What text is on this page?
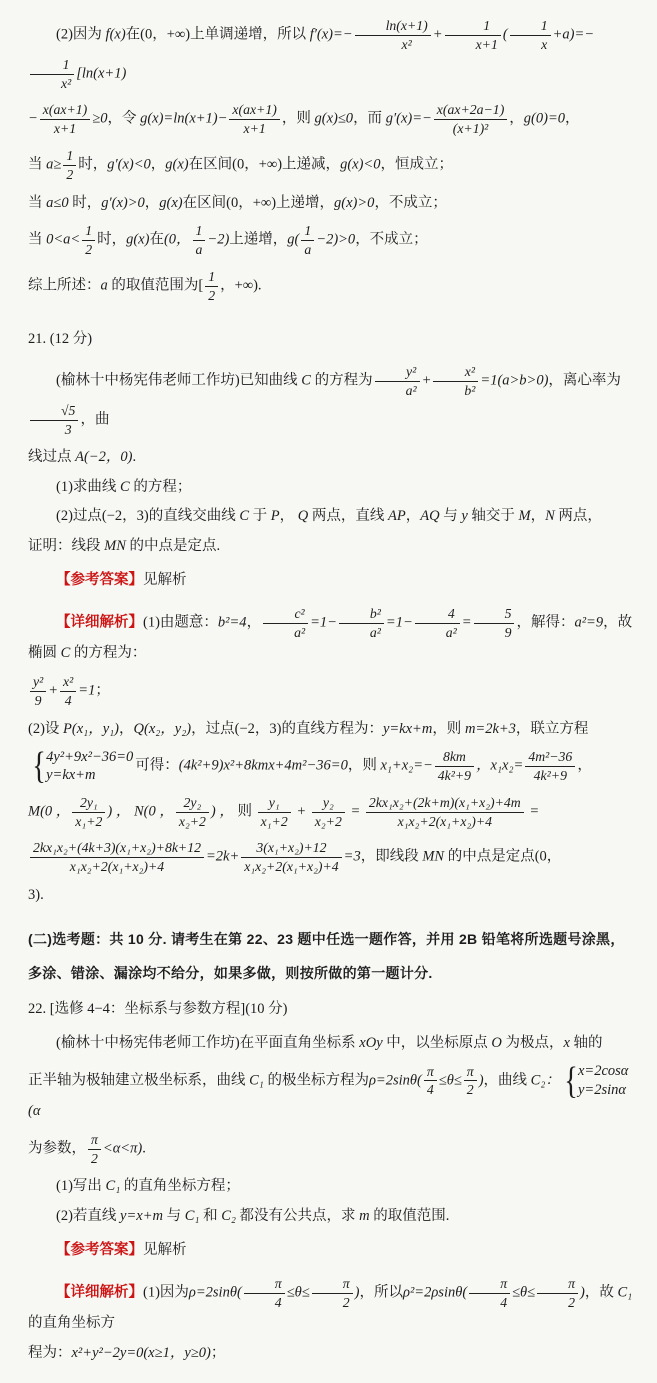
(2)因为 f(x)在(0，+∞)上单调递增，所以 $f'(x)=- \frac{\ln(x+1)}{\text{x²}} + \frac{1}{x+1}$ ( $\frac{1}{x} +a)=-$
$\frac{1}{\text{x²}} [\ln(x+1)$
− $\frac{x(ax+1)}{x+1} \ge 0$，令 $g(x)=\ln(x+1)- \frac{x(ax+1)}{x+1}$ ，则 g(x)≤0，而 $g'(x)=- \frac{x(ax+2a-1)}{\text{(x+1)²}}$ ，g(0)=0，
当 $a\ge \frac{1}{2}$ 时，g′(x)<0，g(x)在区间(0，+∞)上递减，g(x)<0，恒成立；
当 a≤0 时，g′(x)>0，g(x)在区间(0，+∞)上递增，g(x)>0，不成立；
当 $0<a< \frac{1}{2}$ 时，g(x)在(0， $\frac{1}{a} -2$)上递增，$g( \frac{1}{a} -2)>0$，不成立；
综上所述：a 的取值范围为[ $\frac{1}{2}$ ，+∞).
21. (12 分)
(榆林十中杨宪伟老师工作坊)已知曲线 C 的方程为 $\frac{\text{y²}}{\text{a²}} + \frac{\text{x²}}{\text{b²}} =1(a>b>0)$，离心率为
$\frac{√5}{3}$ ，曲
线过点 A(−2，0).
(1)求曲线 C 的方程；
(2)过点(−2，3)的直线交曲线 C 于 P， Q 两点，直线 AP，AQ 与 y 轴交于 M，N 两点，
证明：线段 MN 的中点是定点.
【参考答案】见解析
【详细解析】(1)由题意：b²=4， $\frac{\text{c²}}{\text{a²}} =1- \frac{\text{b²}}{\text{a²}} =1- \frac{4}{\text{a²}} = \frac{5}{9}$ ，解得：a²=9，故椭圆 C 的方程为：
$\frac{\text{y²}}{9} + \frac{\text{x²}}{4} =1$；
(2)设 P(x₁，y₁)，Q(x₂，y₂)，过点(−2，3)的直线方程为：y=kx+m，则 m=2k+3，联立方程
{ 4y²+9x²−36=0
y=kx+m
可得：(4k²+9)x²+8kmx+4m²−36=0，则 $x_1+x_2=- \frac{8km}{\text{4k²+9}}$ ，$x_1x_2= \frac{\text{4m²−36}}{\text{4k²+9}}$ ，
M(0 ， $\frac{\text{2y₁}}{\text{x₁+2}}$ ) ， N(0 ， $\frac{\text{2y₂}}{\text{x₂+2}}$ ) ， 则 $\frac{\text{y₁}}{\text{x₁+2}} + \frac{\text{y₂}}{\text{x₂+2}} = \frac{\text{2kx₁x₂+(2k+m)(x₁+x₂)+4m}}{\text{x₁x₂+2(x₁+x₂)+4}}$ =
$\frac{\text{2kx₁x₂+(4k+3)(x₁+x₂)+8k+12}}{\text{x₁x₂+2(x₁+x₂)+4}} =2k+ \frac{\text{3(x₁+x₂)+12}}{\text{x₁x₂+2(x₁+x₂)+4}} =3$，即线段 MN 的中点是定点(0，
3).
(二)选考题：共 10 分. 请考生在第 22、23 题中任选一题作答，并用 2B 铅笔将所选题号涂黑，
多涂、错涂、漏涂均不给分，如果多做，则按所做的第一题计分.
22. [选修 4−4：坐标系与参数方程](10 分)
(榆林十中杨宪伟老师工作坊)在平面直角坐标系 xOy 中，以坐标原点 O 为极点，x 轴的
正半轴为极轴建立极坐标系，曲线 C₁ 的极坐标方程为$\rho=2\sin\theta( \frac{\pi}{4} \le\theta\le \frac{\pi}{2}$ )，曲线 C₂： { x=2cosα
y=2sinα
(α
为参数， $\frac{\pi}{2} <\alpha<\pi$).
(1)写出 C₁ 的直角坐标方程；
(2)若直线 y=x+m 与 C₁ 和 C₂ 都没有公共点，求 m 的取值范围.
【参考答案】见解析
【详细解析】(1)因为$\rho=2\sin\theta( \frac{\pi}{4} \le\theta\le \frac{\pi}{2}$ )，所以$\rho^2=2\rho\sin\theta( \frac{\pi}{4} \le\theta\le \frac{\pi}{2}$ )，故 C₁ 的直角坐标方
程为：x²+y²−2y=0(x≥1，y≥0)；
